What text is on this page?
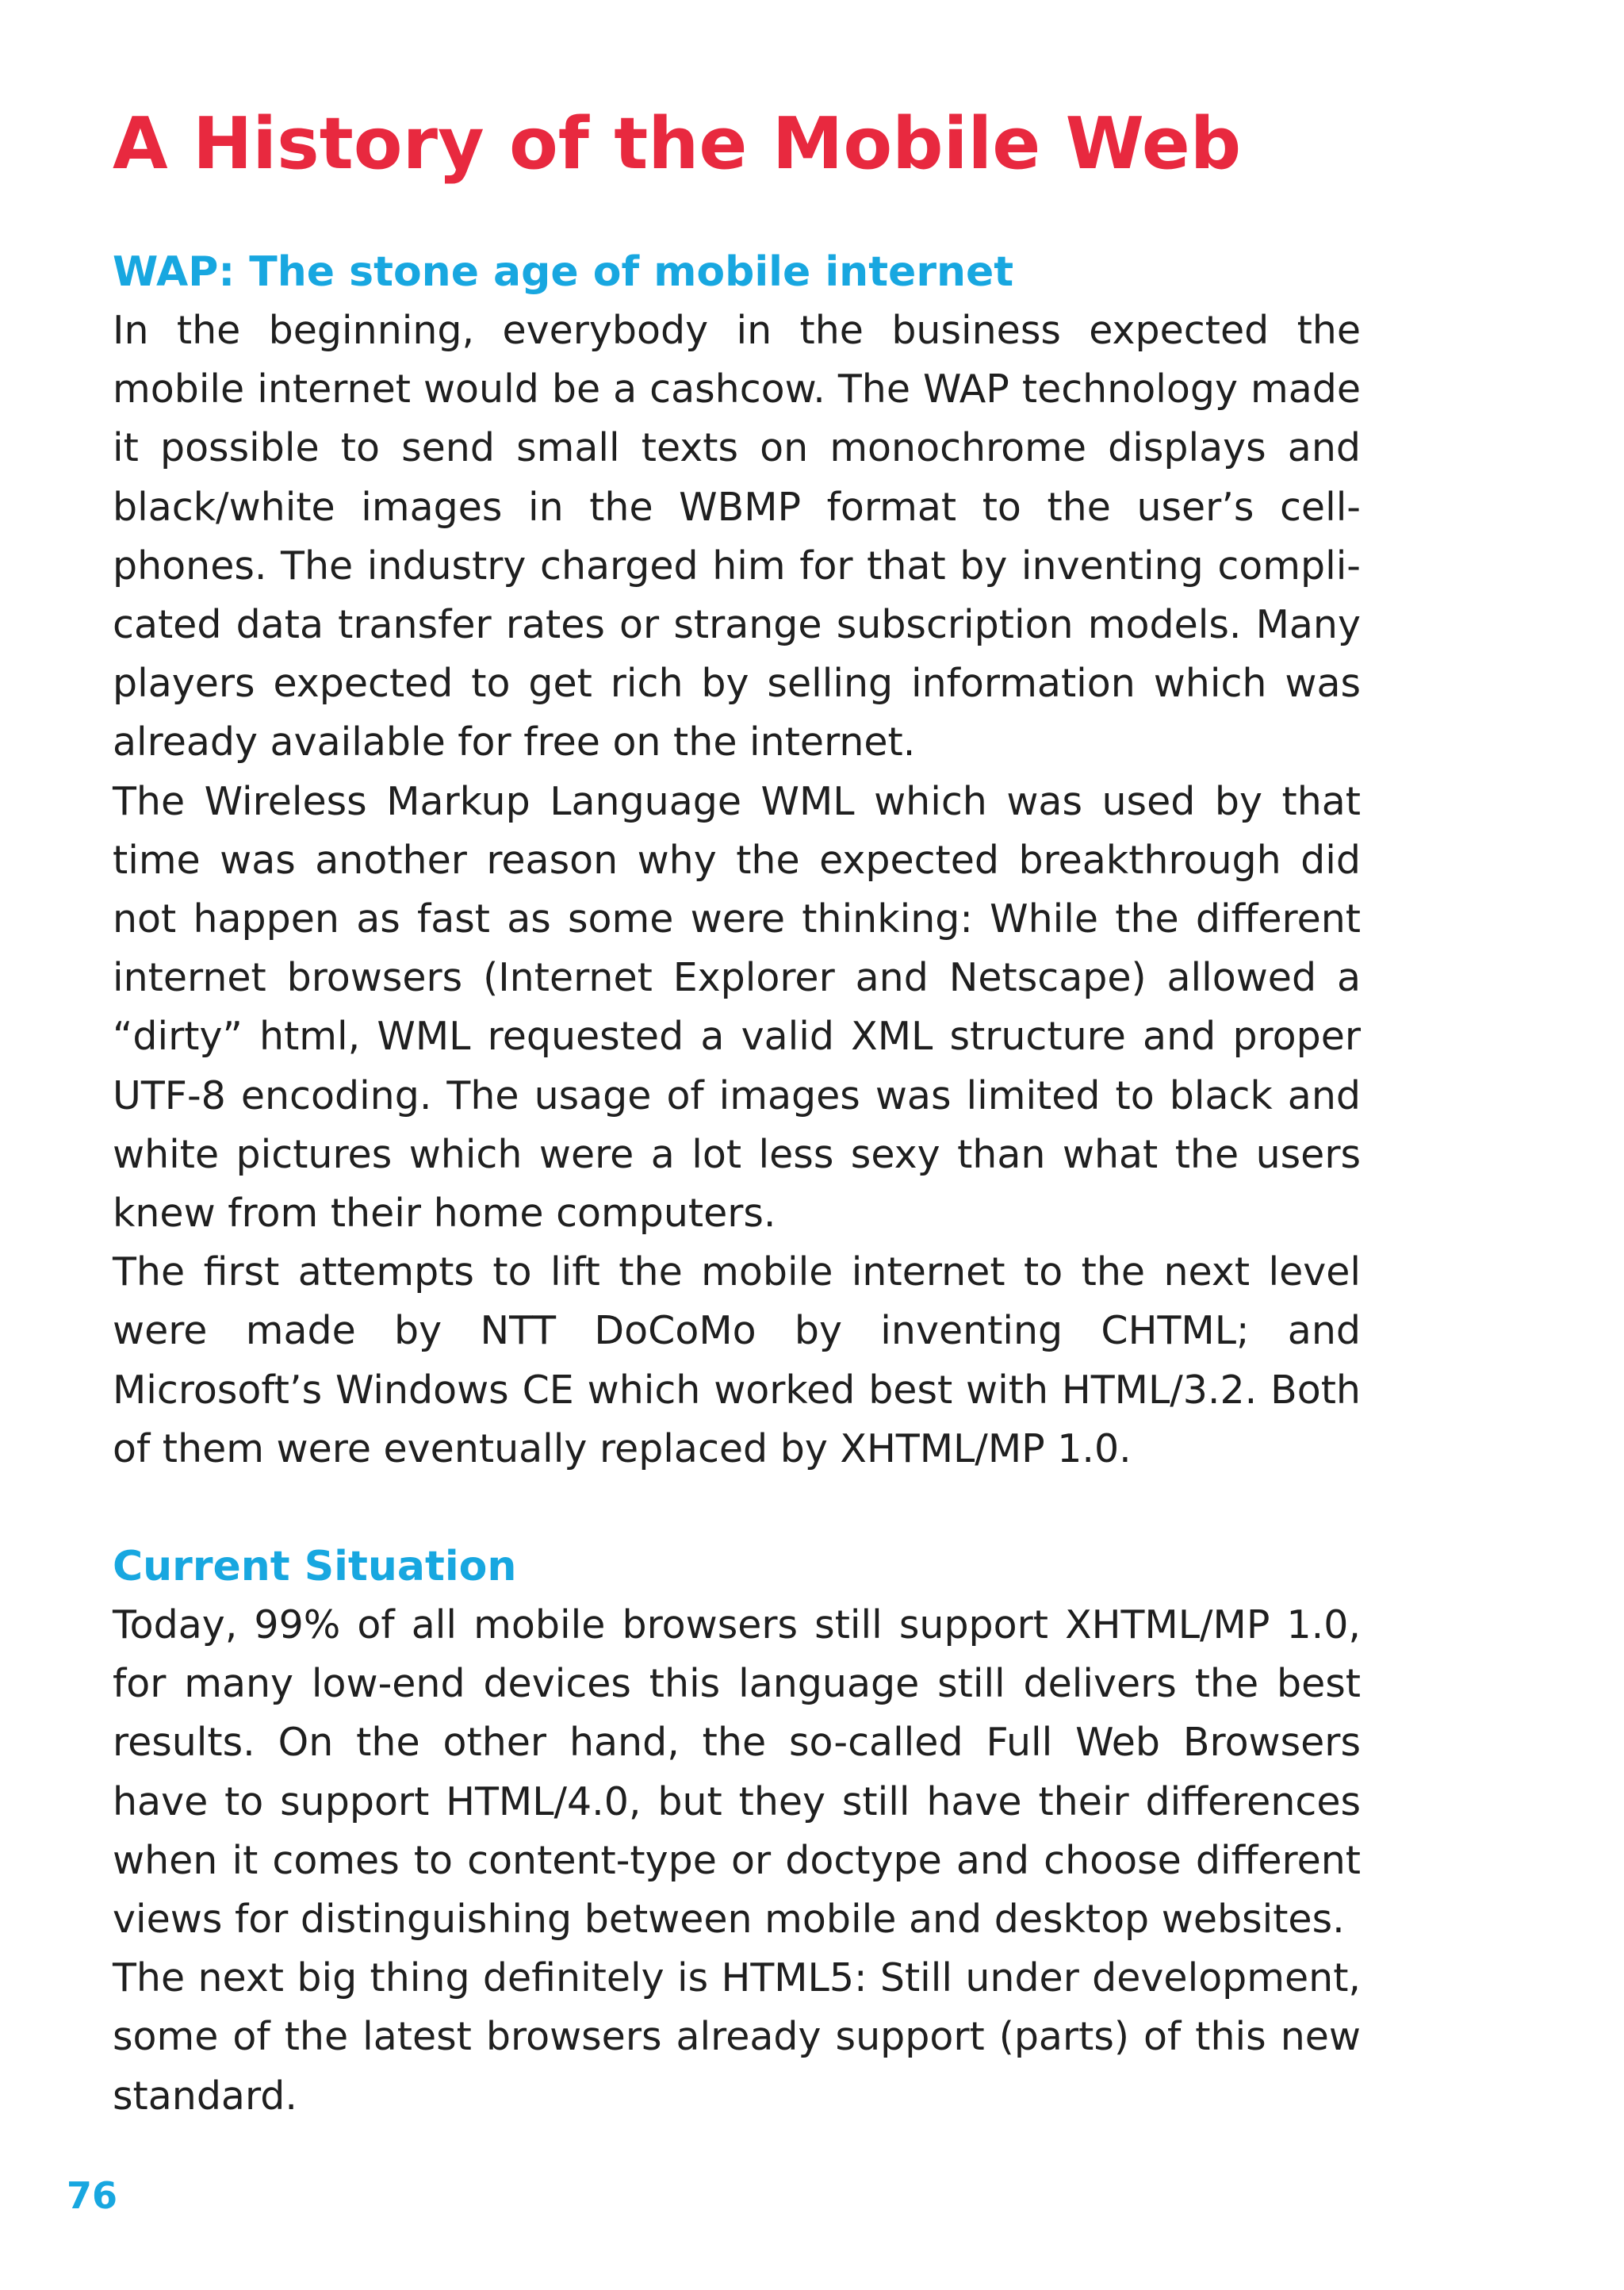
A History of the Mobile Web
WAP: The stone age of mobile internet

In the beginning, everybody in the business expected the mobile internet would be a cashcow. The WAP technology made it possible to send small texts on monochrome displays and black/white images in the WBMP format to the user’s cell-phones. The industry charged him for that by inventing compli-cated data transfer rates or strange subscription models. Many players expected to get rich by selling information which was already available for free on the internet.

The Wireless Markup Language WML which was used by that time was another reason why the expected breakthrough did not happen as fast as some were thinking: While the different internet browsers (Internet Explorer and Netscape) allowed a “dirty” html, WML requested a valid XML structure and proper UTF-8 encoding. The usage of images was limited to black and white pictures which were a lot less sexy than what the users knew from their home computers.

The first attempts to lift the mobile internet to the next level were made by NTT DoCoMo by inventing CHTML; and Microsoft’s Windows CE which worked best with HTML/3.2. Both of them were eventually replaced by XHTML/MP 1.0.

Current Situation

Today, 99% of all mobile browsers still support XHTML/MP 1.0, for many low-end devices this language still delivers the best results. On the other hand, the so-called Full Web Browsers have to support HTML/4.0, but they still have their differences when it comes to content-type or doctype and choose different views for distinguishing between mobile and desktop websites.

The next big thing definitely is HTML5: Still under development, some of the latest browsers already support (parts) of this new standard.

76
